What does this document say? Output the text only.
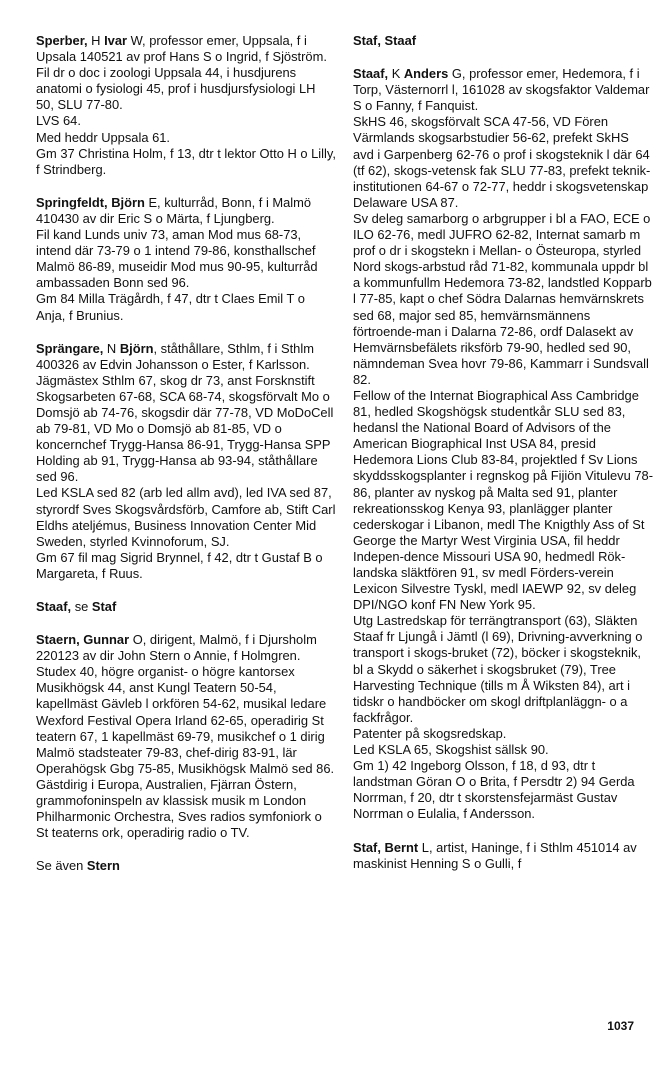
Sperber, H Ivar W, professor emer, Uppsala, f i Upsala 140521 av prof Hans S o Ingrid, f Sjöström.
Fil dr o doc i zoologi Uppsala 44, i husdjurens anatomi o fysiologi 45, prof i husdjursfysiologi LH 50, SLU 77-80.
LVS 64.
Med heddr Uppsala 61.
Gm 37 Christina Holm, f 13, dtr t lektor Otto H o Lilly, f Strindberg.
Springfeldt, Björn E, kulturråd, Bonn, f i Malmö 410430 av dir Eric S o Märta, f Ljungberg.
Fil kand Lunds univ 73, aman Mod mus 68-73, intend där 73-79 o 1 intend 79-86, konsthallschef Malmö 86-89, museidir Mod mus 90-95, kulturråd ambassaden Bonn sed 96.
Gm 84 Milla Trägårdh, f 47, dtr t Claes Emil T o Anja, f Brunius.
Sprängare, N Björn, ståthållare, Sthlm, f i Sthlm 400326 av Edvin Johansson o Ester, f Karlsson.
Jägmästex Sthlm 67, skog dr 73, anst Forsknstift Skogsarbeten 67-68, SCA 68-74, skogsförvalt Mo o Domsjö ab 74-76, skogsdir där 77-78, VD MoDoCell ab 79-81, VD Mo o Domsjö ab 81-85, VD o koncernchef Trygg-Hansa 86-91, Trygg-Hansa SPP Holding ab 91, Trygg-Hansa ab 93-94, ståthållare sed 96.
Led KSLA sed 82 (arb led allm avd), led IVA sed 87, styrordf Sves Skogsvårdsförb, Camfore ab, Stift Carl Eldhs ateljémus, Business Innovation Center Mid Sweden, styrled Kvinnoforum, SJ.
Gm 67 fil mag Sigrid Brynnel, f 42, dtr t Gustaf B o Margareta, f Ruus.
Staaf, se Staf
Staern, Gunnar O, dirigent, Malmö, f i Djursholm 220123 av dir John Stern o Annie, f Holmgren.
Studex 40, högre organist- o högre kantorsex Musikhögsk 44, anst Kungl Teatern 50-54, kapellmäst Gävleb l orkfören 54-62, musikal ledare Wexford Festival Opera Irland 62-65, operadirig St teatern 67, 1 kapellmäst 69-79, musikchef o 1 dirig Malmö stadsteater 79-83, chef-dirig 83-91, lär Operahögsk Gbg 75-85, Musikhögsk Malmö sed 86.
Gästdirig i Europa, Australien, Fjärran Östern, grammofoninspeln av klassisk musik m London Philharmonic Orchestra, Sves radios symfoniork o St teaterns ork, operadirig radio o TV.
Se även Stern
Staf, Staaf
Staaf, K Anders G, professor emer, Hedemora, f i Torp, Västernorrl l, 161028 av skogsfaktor Valdemar S o Fanny, f Fanquist.
SkHS 46, skogsförvalt SCA 47-56, VD Fören Värmlands skogsarbstudier 56-62, prefekt SkHS avd i Garpenberg 62-76 o prof i skogsteknik l där 64 (tf 62), skogs-vetensk fak SLU 77-83, prefekt teknik-institutionen 64-67 o 72-77, heddr i skogsvetenskap Delaware USA 87.
Sv deleg samarborg o arbgrupper i bl a FAO, ECE o ILO 62-76, medl JUFRO 62-82, Internat samarb m prof o dr i skogstekn i Mellan- o Östeuropa, styrled Nord skogs-arbstud råd 71-82, kommunala uppdr bl a kommunfullm Hedemora 73-82, landstled Kopparb l 77-85, kapt o chef Södra Dalarnas hemvärnskrets sed 68, major sed 85, hemvärnsmännens förtroende-man i Dalarna 72-86, ordf Dalasekt av Hemvärnsbefälets riksförb 79-90, hedled sed 90, nämndeman Svea hovr 79-86, Kammarr i Sundsvall 82.
Fellow of the Internat Biographical Ass Cambridge 81, hedled Skogshögsk studentkår SLU sed 83, hedansl the National Board of Advisors of the American Biographical Inst USA 84, presid Hedemora Lions Club 83-84, projektled f Sv Lions skyddsskogsplanter i regnskog på Fijiön Vitulevu 78-86, planter av nyskog på Malta sed 91, planter rekreationsskog Kenya 93, planlägger planter cederskogar i Libanon, medl The Knigthly Ass of St George the Martyr West Virginia USA, fil heddr Indepen-dence Missouri USA 90, hedmedl Rök-landska släktfören 91, sv medl Förders-verein Lexicon Silvestre Tyskl, medl IAEWP 92, sv deleg DPI/NGO konf FN New York 95.
Utg Lastredskap för terrängtransport (63), Släkten Staaf fr Ljungå i Jämtl (l 69), Drivning-avverkning o transport i skogs-bruket (72), böcker i skogsteknik, bl a Skydd o säkerhet i skogsbruket (79), Tree Harvesting Technique (tills m Å Wiksten 84), art i tidskr o handböcker om skogl driftplanläggn- o a fackfrågor.
Patenter på skogsredskap.
Led KSLA 65, Skogshist sällsk 90.
Gm 1) 42 Ingeborg Olsson, f 18, d 93, dtr t landstman Göran O o Brita, f Persdtr 2) 94 Gerda Norrman, f 20, dtr t skorstensfejarmäst Gustav Norrman o Eulalia, f Andersson.
Staf, Bernt L, artist, Haninge, f i Sthlm 451014 av maskinist Henning S o Gulli, f
1037
